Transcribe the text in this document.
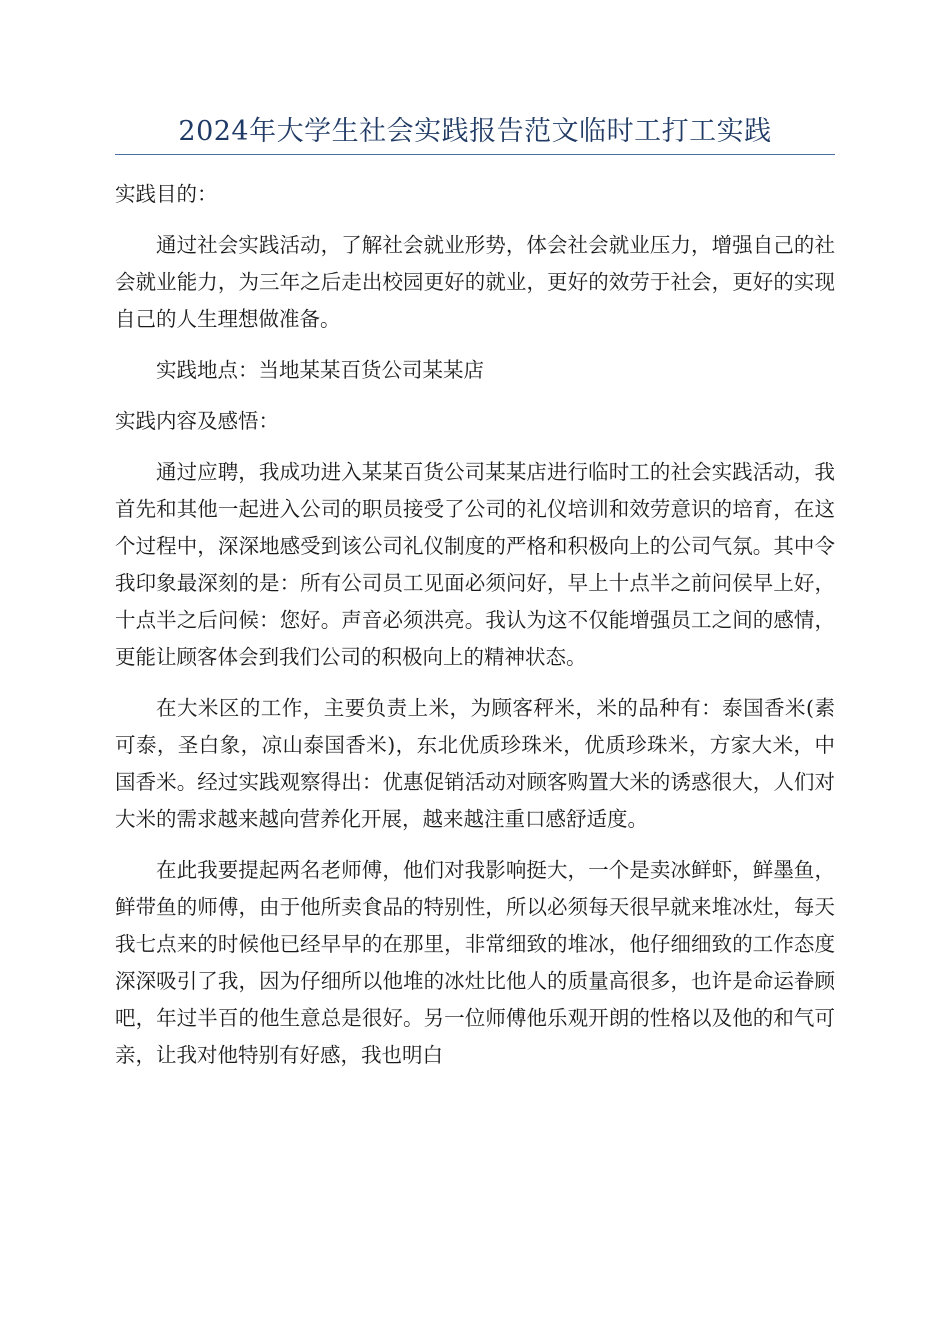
2024年大学生社会实践报告范文临时工打工实践

实践目的：

通过社会实践活动，了解社会就业形势，体会社会就业压力，增强自己的社会就业能力，为三年之后走出校园更好的就业，更好的效劳于社会，更好的实现自己的人生理想做准备。

实践地点：当地某某百货公司某某店

实践内容及感悟：

通过应聘，我成功进入某某百货公司某某店进行临时工的社会实践活动，我首先和其他一起进入公司的职员接受了公司的礼仪培训和效劳意识的培育，在这个过程中，深深地感受到该公司礼仪制度的严格和积极向上的公司气氛。其中令我印象最深刻的是：所有公司员工见面必须问好，早上十点半之前问侯早上好，十点半之后问候：您好。声音必须洪亮。我认为这不仅能增强员工之间的感情，更能让顾客体会到我们公司的积极向上的精神状态。

在大米区的工作，主要负责上米，为顾客秤米，米的品种有：泰国香米(素可泰，圣白象，凉山泰国香米)，东北优质珍珠米，优质珍珠米，方家大米，中国香米。经过实践观察得出：优惠促销活动对顾客购置大米的诱惑很大，人们对大米的需求越来越向营养化开展，越来越注重口感舒适度。

在此我要提起两名老师傅，他们对我影响挺大，一个是卖冰鲜虾，鲜墨鱼，鲜带鱼的师傅，由于他所卖食品的特别性，所以必须每天很早就来堆冰灶，每天我七点来的时候他已经早早的在那里，非常细致的堆冰，他仔细细致的工作态度深深吸引了我，因为仔细所以他堆的冰灶比他人的质量高很多，也许是命运眷顾吧，年过半百的他生意总是很好。另一位师傅他乐观开朗的性格以及他的和气可亲，让我对他特别有好感，我也明白
